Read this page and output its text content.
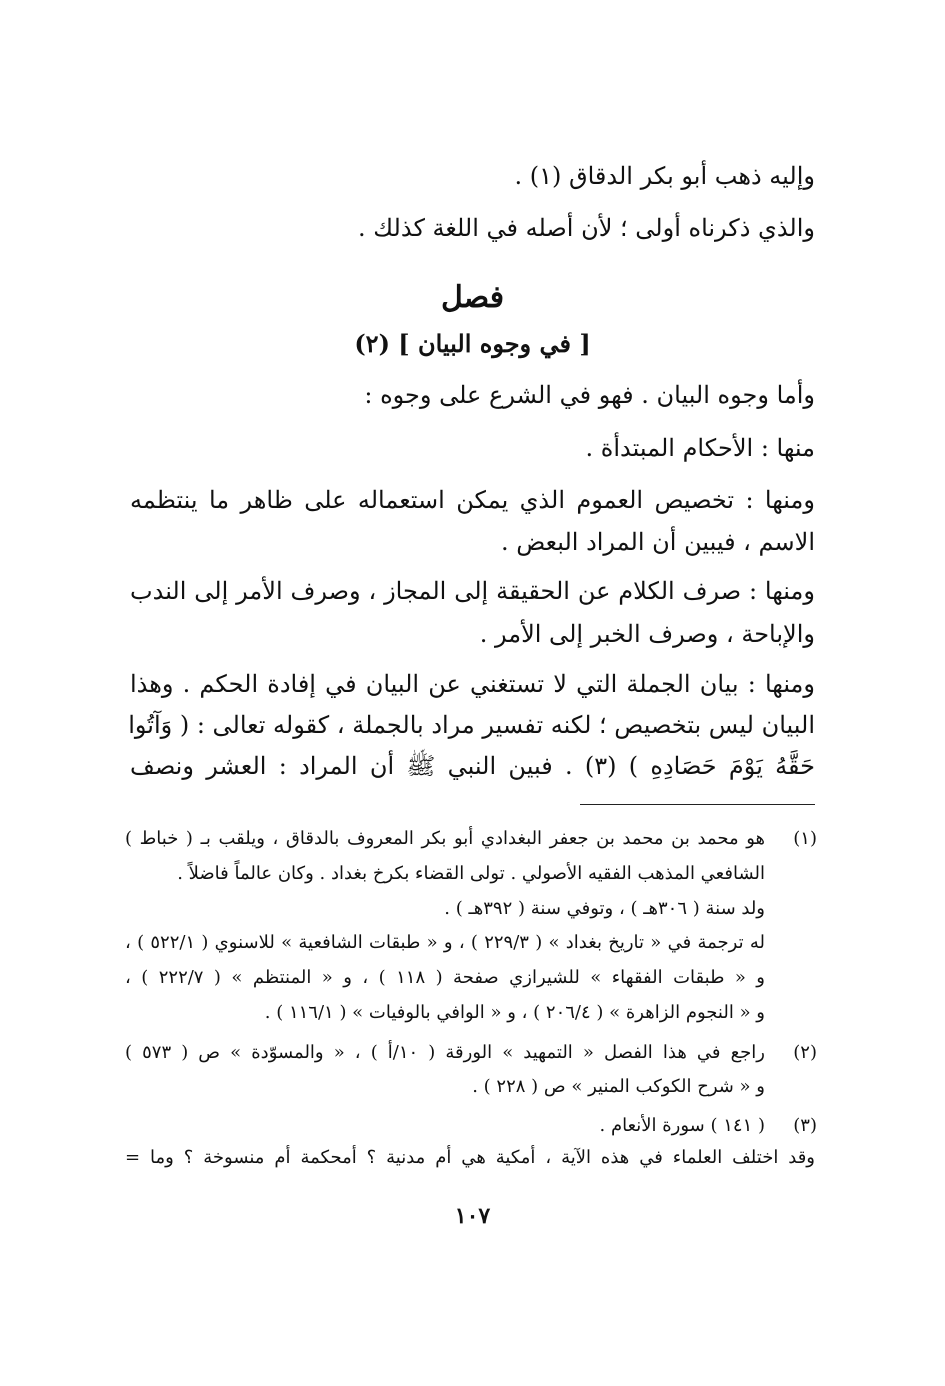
وإليه ذهب أبو بكر الدقاق (١) .
والذي ذكرناه أولى ؛ لأن أصله في اللغة كذلك .
فصل
[ في وجوه البيان ] (٢)
وأما وجوه البيان . فهو في الشرع على وجوه :
منها : الأحكام المبتدأة .
ومنها : تخصيص العموم الذي يمكن استعماله على ظاهر ما ينتظمه
الاسم ، فيبين أن المراد البعض .
ومنها : صرف الكلام عن الحقيقة إلى المجاز ، وصرف الأمر إلى الندب
والإباحة ، وصرف الخبر إلى الأمر .
ومنها : بيان الجملة التي لا تستغني عن البيان في إفادة الحكم . وهذا
البيان ليس بتخصيص ؛ لكنه تفسير مراد بالجملة ، كقوله تعالى : ( وَآتُوا
حَقَّهُ يَوْمَ حَصَادِهِ ) (٣) . فبين النبي ﷺ أن المراد : العشر ونصف
(١)
هو محمد بن محمد بن جعفر البغدادي أبو بكر المعروف بالدقاق ، ويلقب بـ ( خباط )
الشافعي المذهب الفقيه الأصولي . تولى القضاء بكرخ بغداد . وكان عالماً فاضلاً .
ولد سنة ( ٣٠٦هـ ) ، وتوفي سنة ( ٣٩٢هـ ) .
له ترجمة في « تاريخ بغداد » ( ٢٢٩/٣ ) ، و « طبقات الشافعية » للاسنوي ( ٥٢٢/١ ) ،
و « طبقات الفقهاء » للشيرازي صفحة ( ١١٨ ) ، و « المنتظم » ( ٢٢٢/٧ ) ،
و « النجوم الزاهرة » ( ٢٠٦/٤ ) ، و « الوافي بالوفيات » ( ١١٦/١ ) .
(٢)
راجع في هذا الفصل « التمهيد » الورقة ( ١٠/أ ) ، « والمسوّدة » ص ( ٥٧٣ )
و « شرح الكوكب المنير » ص ( ٢٢٨ ) .
(٣)
( ١٤١ ) سورة الأنعام .
وقد اختلف العلماء في هذه الآية ، أمكية هي أم مدنية ؟ أمحكمة أم منسوخة ؟ وما =
١٠٧
